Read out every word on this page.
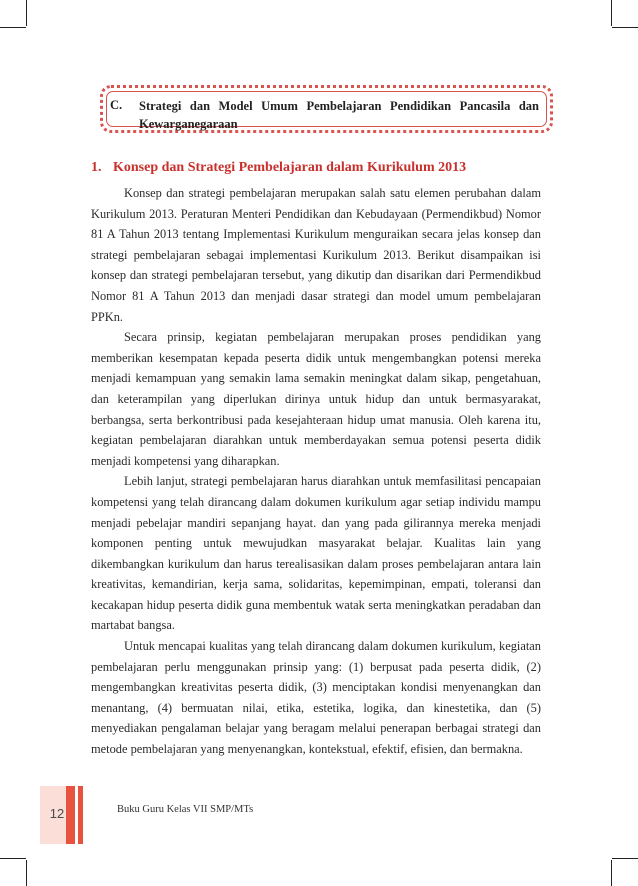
C. Strategi dan Model Umum Pembelajaran Pendidikan Pancasila dan
Kewarganegaraan
1. Konsep dan Strategi Pembelajaran dalam Kurikulum 2013

Konsep dan strategi pembelajaran merupakan salah satu elemen perubahan dalam Kurikulum 2013. Peraturan Menteri Pendidikan dan Kebudayaan (Permendikbud) Nomor 81 A Tahun 2013 tentang Implementasi Kurikulum menguraikan secara jelas konsep dan strategi pembelajaran sebagai implementasi Kurikulum 2013. Berikut disampaikan isi konsep dan strategi pembelajaran tersebut, yang dikutip dan disarikan dari Permendikbud Nomor 81 A Tahun 2013 dan menjadi dasar strategi dan model umum pembelajaran PPKn.

Secara prinsip, kegiatan pembelajaran merupakan proses pendidikan yang memberikan kesempatan kepada peserta didik untuk mengembangkan potensi mereka menjadi kemampuan yang semakin lama semakin meningkat dalam sikap, pengetahuan, dan keterampilan yang diperlukan dirinya untuk hidup dan untuk bermasyarakat, berbangsa, serta berkontribusi pada kesejahteraan hidup umat manusia. Oleh karena itu, kegiatan pembelajaran diarahkan untuk memberdayakan semua potensi peserta didik menjadi kompetensi yang diharapkan.

Lebih lanjut, strategi pembelajaran harus diarahkan untuk memfasilitasi pencapaian kompetensi yang telah dirancang dalam dokumen kurikulum agar setiap individu mampu menjadi pebelajar mandiri sepanjang hayat. dan yang pada gilirannya mereka menjadi komponen penting untuk mewujudkan masyarakat belajar. Kualitas lain yang dikembangkan kurikulum dan harus terealisasikan dalam proses pembelajaran antara lain kreativitas, kemandirian, kerja sama, solidaritas, kepemimpinan, empati, toleransi dan kecakapan hidup peserta didik guna membentuk watak serta meningkatkan peradaban dan martabat bangsa.

Untuk mencapai kualitas yang telah dirancang dalam dokumen kurikulum, kegiatan pembelajaran perlu menggunakan prinsip yang: (1) berpusat pada peserta didik, (2) mengembangkan kreativitas peserta didik, (3) menciptakan kondisi menyenangkan dan menantang, (4) bermuatan nilai, etika, estetika, logika, dan kinestetika, dan (5) menyediakan pengalaman belajar yang beragam melalui penerapan berbagai strategi dan metode pembelajaran yang menyenangkan, kontekstual, efektif, efisien, dan bermakna.

12	Buku Guru Kelas VII SMP/MTs
